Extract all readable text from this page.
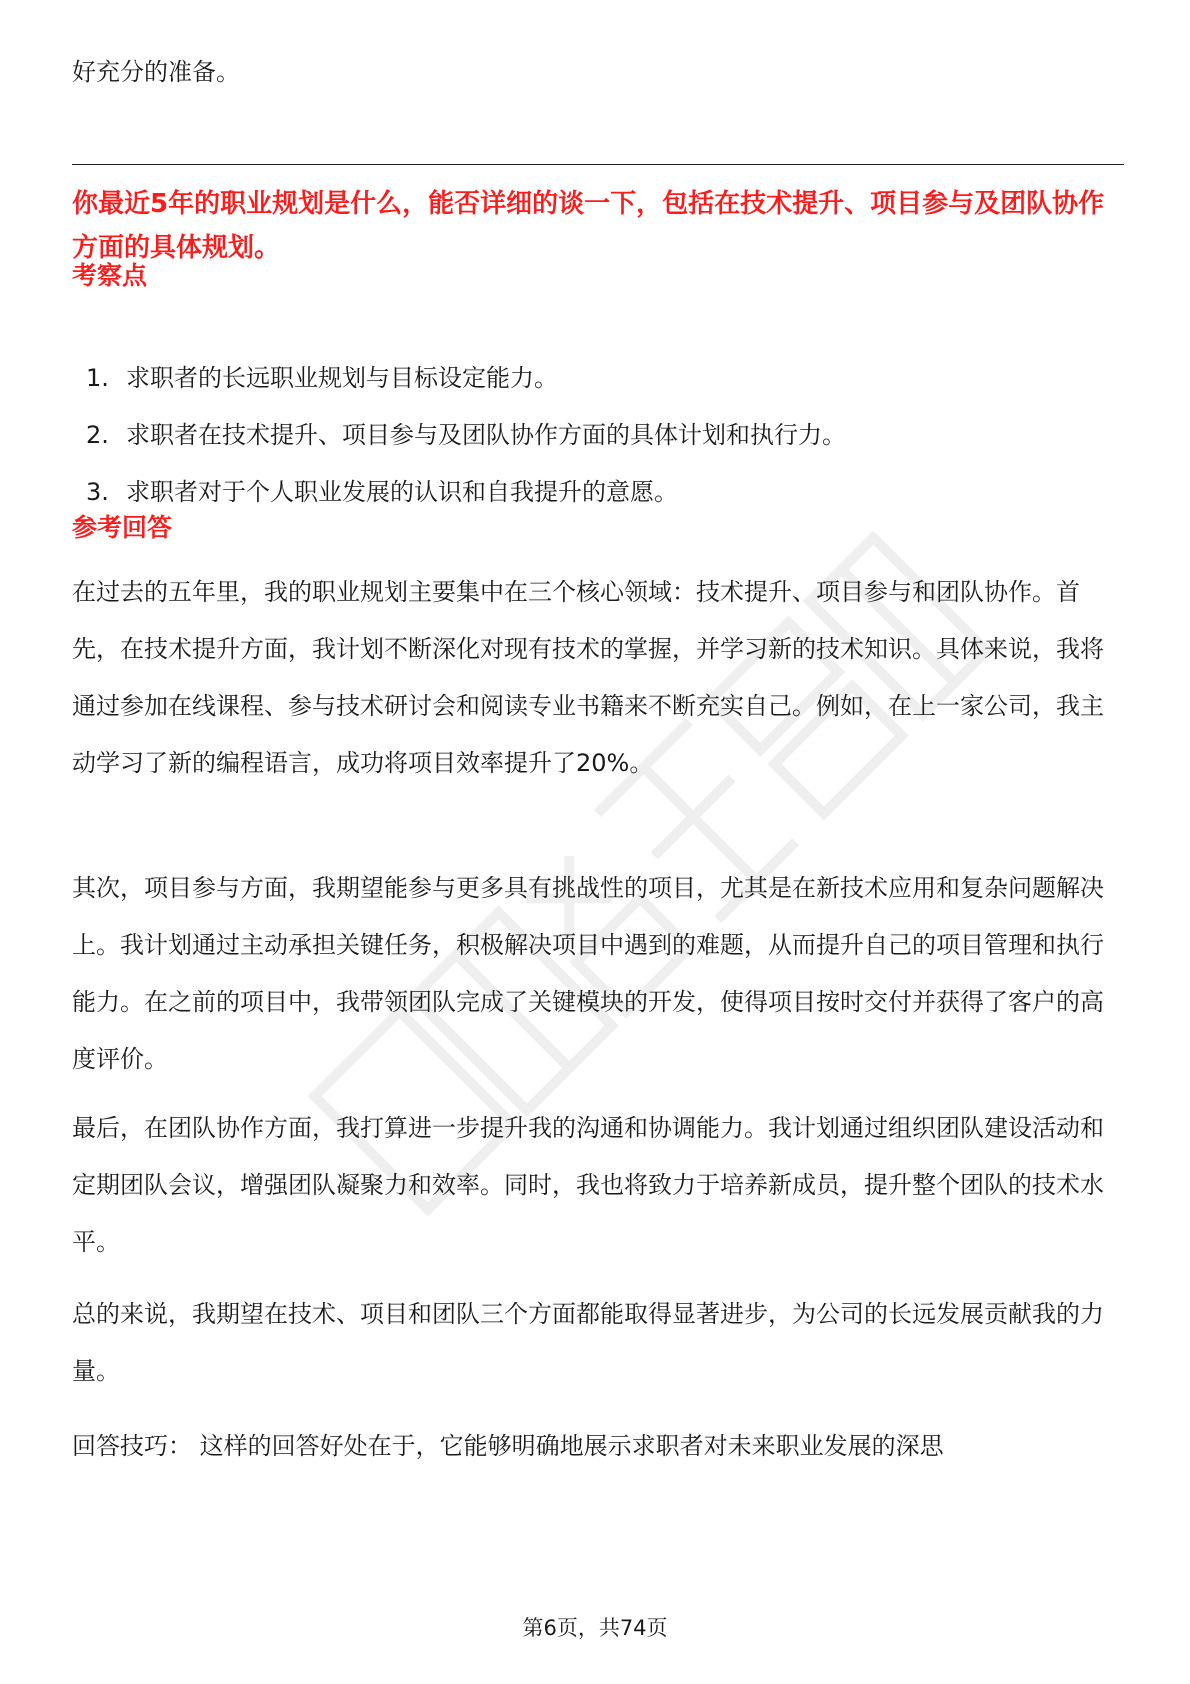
好充分的准备。

你最近5年的职业规划是什么，能否详细的谈一下，包括在技术提升、项目参与及团队协作方面的具体规划。

考察点

1. 求职者的长远职业规划与目标设定能力。
2. 求职者在技术提升、项目参与及团队协作方面的具体计划和执行力。
3. 求职者对于个人职业发展的认识和自我提升的意愿。

参考回答

在过去的五年里，我的职业规划主要集中在三个核心领域：技术提升、项目参与和团队协作。首先，在技术提升方面，我计划不断深化对现有技术的掌握，并学习新的技术知识。具体来说，我将通过参加在线课程、参与技术研讨会和阅读专业书籍来不断充实自己。例如，在上一家公司，我主动学习了新的编程语言，成功将项目效率提升了20%。

其次，项目参与方面，我期望能参与更多具有挑战性的项目，尤其是在新技术应用和复杂问题解决上。我计划通过主动承担关键任务，积极解决项目中遇到的难题，从而提升自己的项目管理和执行能力。在之前的项目中，我带领团队完成了关键模块的开发，使得项目按时交付并获得了客户的高度评价。

最后，在团队协作方面，我打算进一步提升我的沟通和协调能力。我计划通过组织团队建设活动和定期团队会议，增强团队凝聚力和效率。同时，我也将致力于培养新成员，提升整个团队的技术水平。

总的来说，我期望在技术、项目和团队三个方面都能取得显著进步，为公司的长远发展贡献我的力量。

回答技巧： 这样的回答好处在于，它能够明确地展示求职者对未来职业发展的深思

第6页，共74页
